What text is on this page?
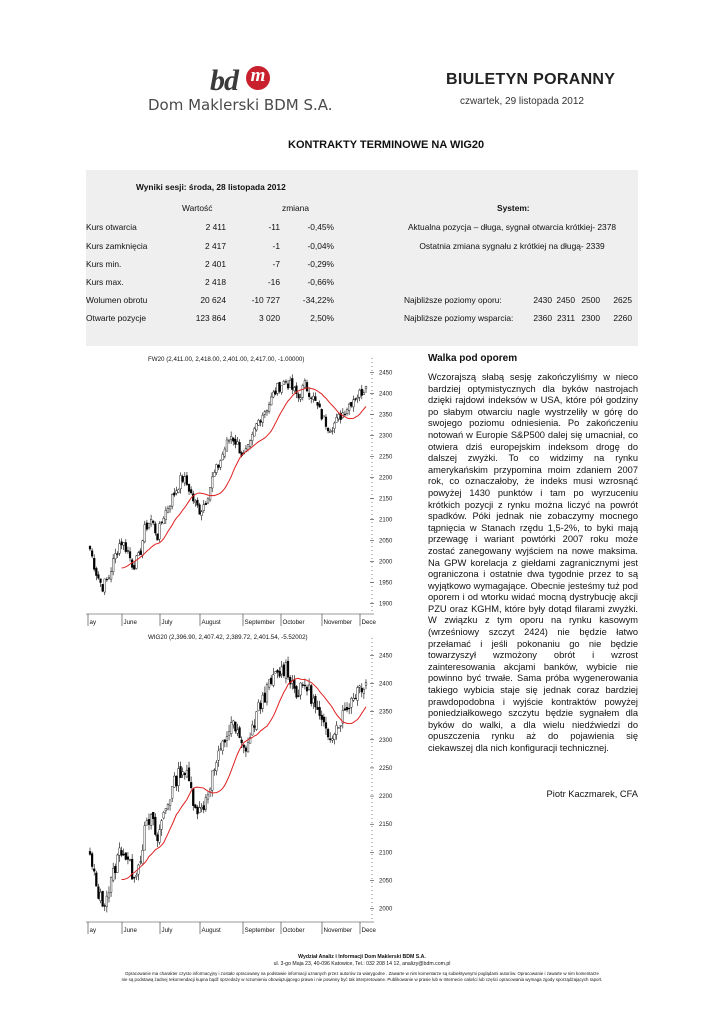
bd m
Dom Maklerski BDM S.A.
BIULETYN PORANNY
czwartek, 29 listopada 2012
KONTRAKTY TERMINOWE NA WIG20
Wyniki sesji: środa, 28 listopada 2012
Wartość	zmiana	System:
Kurs otwarcia	2 411	-11	-0,45%
Kurs zamknięcia	2 417	-1	-0,04%
Kurs min.	2 401	-7	-0,29%
Kurs max.	2 418	-16	-0,66%
Wolumen obrotu	20 624	-10 727	-34,22%
Otwarte pozycje	123 864	3 020	2,50%
Aktualna pozycja – długa, sygnał otwarcia krótkiej- 2378
Ostatnia zmiana sygnału z krótkiej na długą- 2339
Najbliższe poziomy oporu:	2430 2450 2500	2625
Najbliższe poziomy wsparcia:	2360 2311 2300	2260
FW20 (2,411.00, 2,418.00, 2,401.00, 2,417.00, -1.00000)
1900
1950
2000
2050
2100
2150
2200
2250
2300
2350
2400
2450
ay	June	July	August	September October	November Dece
WIG20 (2,396.90, 2,407.42, 2,389.72, 2,401.54, -5.52002)
2000
2050
2100
2150
2200
2250
2300
2350
2400
2450
ay	June	July	August	September October	November Dece
Walka pod oporem
Wczorajszą słabą sesję zakończyliśmy w nieco bardziej optymistycznych dla byków nastrojach dzięki rajdowi indeksów w USA, które pół godziny po słabym otwarciu nagle wystrzeliły w górę do swojego poziomu odniesienia. Po zakończeniu notowań w Europie S&P500 dalej się umacniał, co otwiera dziś europejskim indeksom drogę do dalszej zwyżki. To co widzimy na rynku amerykańskim przypomina moim zdaniem 2007 rok, co oznaczałoby, że indeks musi wzrosnąć powyżej 1430 punktów i tam po wyrzuceniu krótkich pozycji z rynku można liczyć na powrót spadków. Póki jednak nie zobaczymy mocnego tąpnięcia w Stanach rzędu 1,5-2%, to byki mają przewagę i wariant powtórki 2007 roku może zostać zanegowany wyjściem na nowe maksima. Na GPW korelacja z giełdami zagranicznymi jest ograniczona i ostatnie dwa tygodnie przez to są wyjątkowo wymagające. Obecnie jesteśmy tuż pod oporem i od wtorku widać mocną dystrybucję akcji PZU oraz KGHM, które były dotąd filarami zwyżki. W związku z tym oporu na rynku kasowym (wrześniowy szczyt 2424) nie będzie łatwo przełamać i jeśli pokonaniu go nie będzie towarzyszył wzmożony obrót i wzrost zainteresowania akcjami banków, wybicie nie powinno być trwałe. Sama próba wygenerowania takiego wybicia staje się jednak coraz bardziej prawdopodobna i wyjście kontraktów powyżej poniedziałkowego szczytu będzie sygnałem dla byków do walki, a dla wielu niedźwiedzi do opuszczenia rynku aż do pojawienia się ciekawszej dla nich konfiguracji technicznej.
Piotr Kaczmarek, CFA
Wydział Analiz i Informacji Dom Maklerski BDM S.A.
ul. 3-go Maja 23, 40-096 Katowice, Tel.: 032 208 14 12, analizy@bdm.com.pl
Opracowanie ma charakter czysto informacyjny i zostało opracowany na podstawie informacji uznanych przez autorów za wiarygodne . Zawarte w nim komentarze są subiektywnymi poglądami autorów. Opracowanie i zawarte w nim komentarze
nie są podstawą żadnej rekomendacji kupna bądź sprzedaży w rozumieniu obowiązującego prawa i nie powinny być tak interpretowane. Publikowanie w prasie lub w Internecie całości lub części opracowania wymaga zgody sporządzających raport.
